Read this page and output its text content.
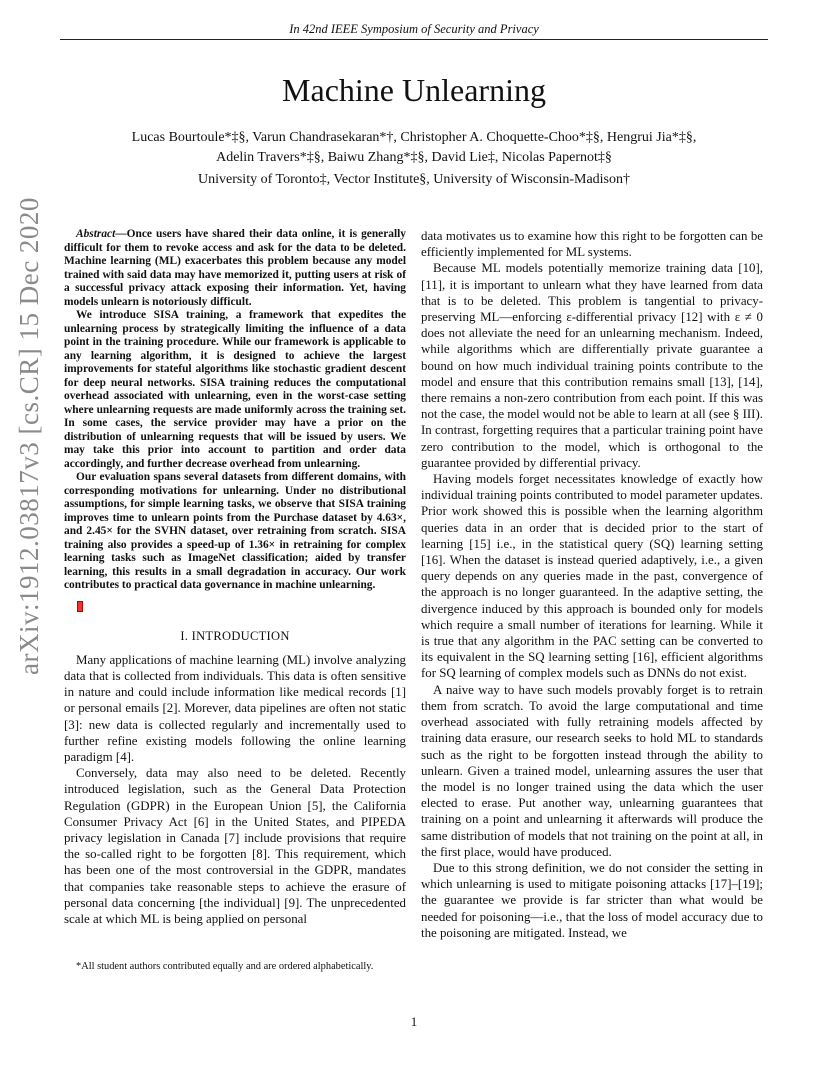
In 42nd IEEE Symposium of Security and Privacy
Machine Unlearning
Lucas Bourtoule*‡§, Varun Chandrasekaran*†, Christopher A. Choquette-Choo*‡§, Hengrui Jia*‡§,
Adelin Travers*‡§, Baiwu Zhang*‡§, David Lie‡, Nicolas Papernot‡§
University of Toronto‡, Vector Institute§, University of Wisconsin-Madison†
arXiv:1912.03817v3 [cs.CR] 15 Dec 2020	Abstract—Once users have shared their data online, it is generally difficult for them to revoke access and ask for the data to be deleted. Machine learning (ML) exacerbates this problem because any model trained with said data may have memorized it, putting users at risk of a successful privacy attack exposing their information. Yet, having models unlearn is notoriously difficult.

We introduce SISA training, a framework that expedites the unlearning process by strategically limiting the influence of a data point in the training procedure. While our framework is applicable to any learning algorithm, it is designed to achieve the largest improvements for stateful algorithms like stochastic gradient descent for deep neural networks. SISA training reduces the computational overhead associated with unlearning, even in the worst-case setting where unlearning requests are made uniformly across the training set. In some cases, the service provider may have a prior on the distribution of unlearning requests that will be issued by users. We may take this prior into account to partition and order data accordingly, and further decrease overhead from unlearning.

Our evaluation spans several datasets from different domains, with corresponding motivations for unlearning. Under no distributional assumptions, for simple learning tasks, we observe that SISA training improves time to unlearn points from the Purchase dataset by 4.63×, and 2.45× for the SVHN dataset, over retraining from scratch. SISA training also provides a speed-up of 1.36× in retraining for complex learning tasks such as ImageNet classification; aided by transfer learning, this results in a small degradation in accuracy. Our work contributes to practical data governance in machine unlearning.

I. INTRODUCTION

Many applications of machine learning (ML) involve analyzing data that is collected from individuals. This data is often sensitive in nature and could include information like medical records [1] or personal emails [2]. Morever, data pipelines are often not static [3]: new data is collected regularly and incrementally used to further refine existing models following the online learning paradigm [4].

Conversely, data may also need to be deleted. Recently introduced legislation, such as the General Data Protection Regulation (GDPR) in the European Union [5], the California Consumer Privacy Act [6] in the United States, and PIPEDA privacy legislation in Canada [7] include provisions that require the so-called right to be forgotten [8]. This requirement, which has been one of the most controversial in the GDPR, mandates that companies take reasonable steps to achieve the erasure of personal data concerning [the individual] [9]. The unprecedented scale at which ML is being applied on personal

*All student authors contributed equally and are ordered alphabetically.

data motivates us to examine how this right to be forgotten can be efficiently implemented for ML systems.

Because ML models potentially memorize training data [10], [11], it is important to unlearn what they have learned from data that is to be deleted. This problem is tangential to privacy-preserving ML—enforcing ε-differential privacy [12] with ε ≠ 0 does not alleviate the need for an unlearning mechanism. Indeed, while algorithms which are differentially private guarantee a bound on how much individual training points contribute to the model and ensure that this contribution remains small [13], [14], there remains a non-zero contribution from each point. If this was not the case, the model would not be able to learn at all (see § III). In contrast, forgetting requires that a particular training point have zero contribution to the model, which is orthogonal to the guarantee provided by differential privacy.

Having models forget necessitates knowledge of exactly how individual training points contributed to model parameter updates. Prior work showed this is possible when the learning algorithm queries data in an order that is decided prior to the start of learning [15] i.e., in the statistical query (SQ) learning setting [16]. When the dataset is instead queried adaptively, i.e., a given query depends on any queries made in the past, convergence of the approach is no longer guaranteed. In the adaptive setting, the divergence induced by this approach is bounded only for models which require a small number of iterations for learning. While it is true that any algorithm in the PAC setting can be converted to its equivalent in the SQ learning setting [16], efficient algorithms for SQ learning of complex models such as DNNs do not exist.

A naive way to have such models provably forget is to retrain them from scratch. To avoid the large computational and time overhead associated with fully retraining models affected by training data erasure, our research seeks to hold ML to standards such as the right to be forgotten instead through the ability to unlearn. Given a trained model, unlearning assures the user that the model is no longer trained using the data which the user elected to erase. Put another way, unlearning guarantees that training on a point and unlearning it afterwards will produce the same distribution of models that not training on the point at all, in the first place, would have produced.

Due to this strong definition, we do not consider the setting in which unlearning is used to mitigate poisoning attacks [17]–[19]; the guarantee we provide is far stricter than what would be needed for poisoning—i.e., that the loss of model accuracy due to the poisoning are mitigated. Instead, we

1
